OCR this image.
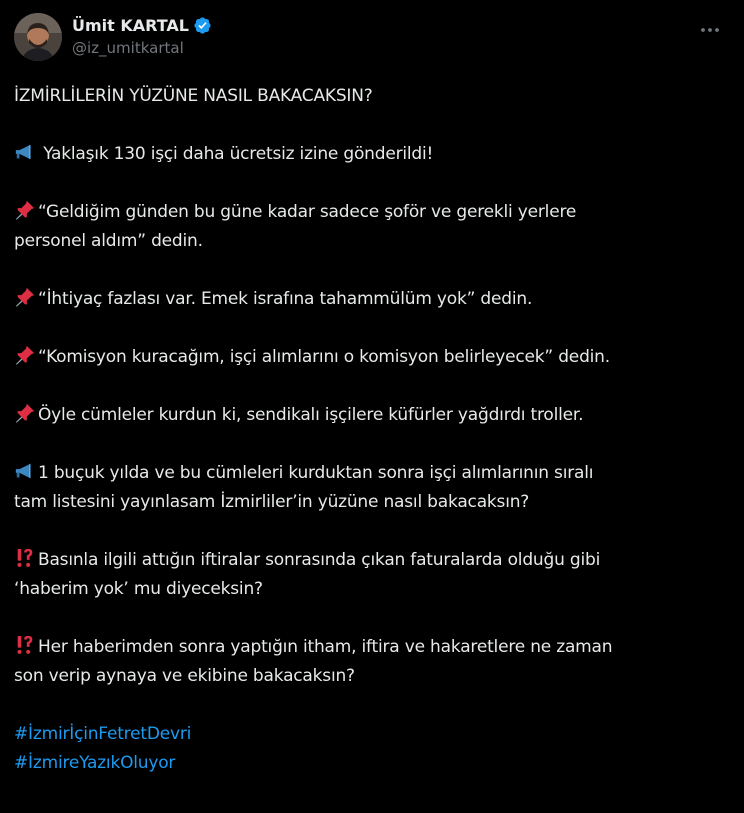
Ümit KARTAL
@iz_umitkartal

İZMİRLİLERİN YÜZÜNE NASIL BAKACAKSIN?

Yaklaşık 130 işçi daha ücretsiz izine gönderildi!

“Geldiğim günden bu güne kadar sadece şoför ve gerekli yerlere
personel aldım” dedin.

“İhtiyaç fazlası var. Emek israfına tahammülüm yok” dedin.

“Komisyon kuracağım, işçi alımlarını o komisyon belirleyecek” dedin.

Öyle cümleler kurdun ki, sendikalı işçilere küfürler yağdırdı troller.

1 buçuk yılda ve bu cümleleri kurduktan sonra işçi alımlarının sıralı
tam listesini yayınlasam İzmirliler’in yüzüne nasıl bakacaksın?

Basınla ilgili attığın iftiralar sonrasında çıkan faturalarda olduğu gibi
‘haberim yok’ mu diyeceksin?

Her haberimden sonra yaptığın itham, iftira ve hakaretlere ne zaman
son verip aynaya ve ekibine bakacaksın?

#İzmirİçinFetretDevri
#İzmireYazıkOluyor
